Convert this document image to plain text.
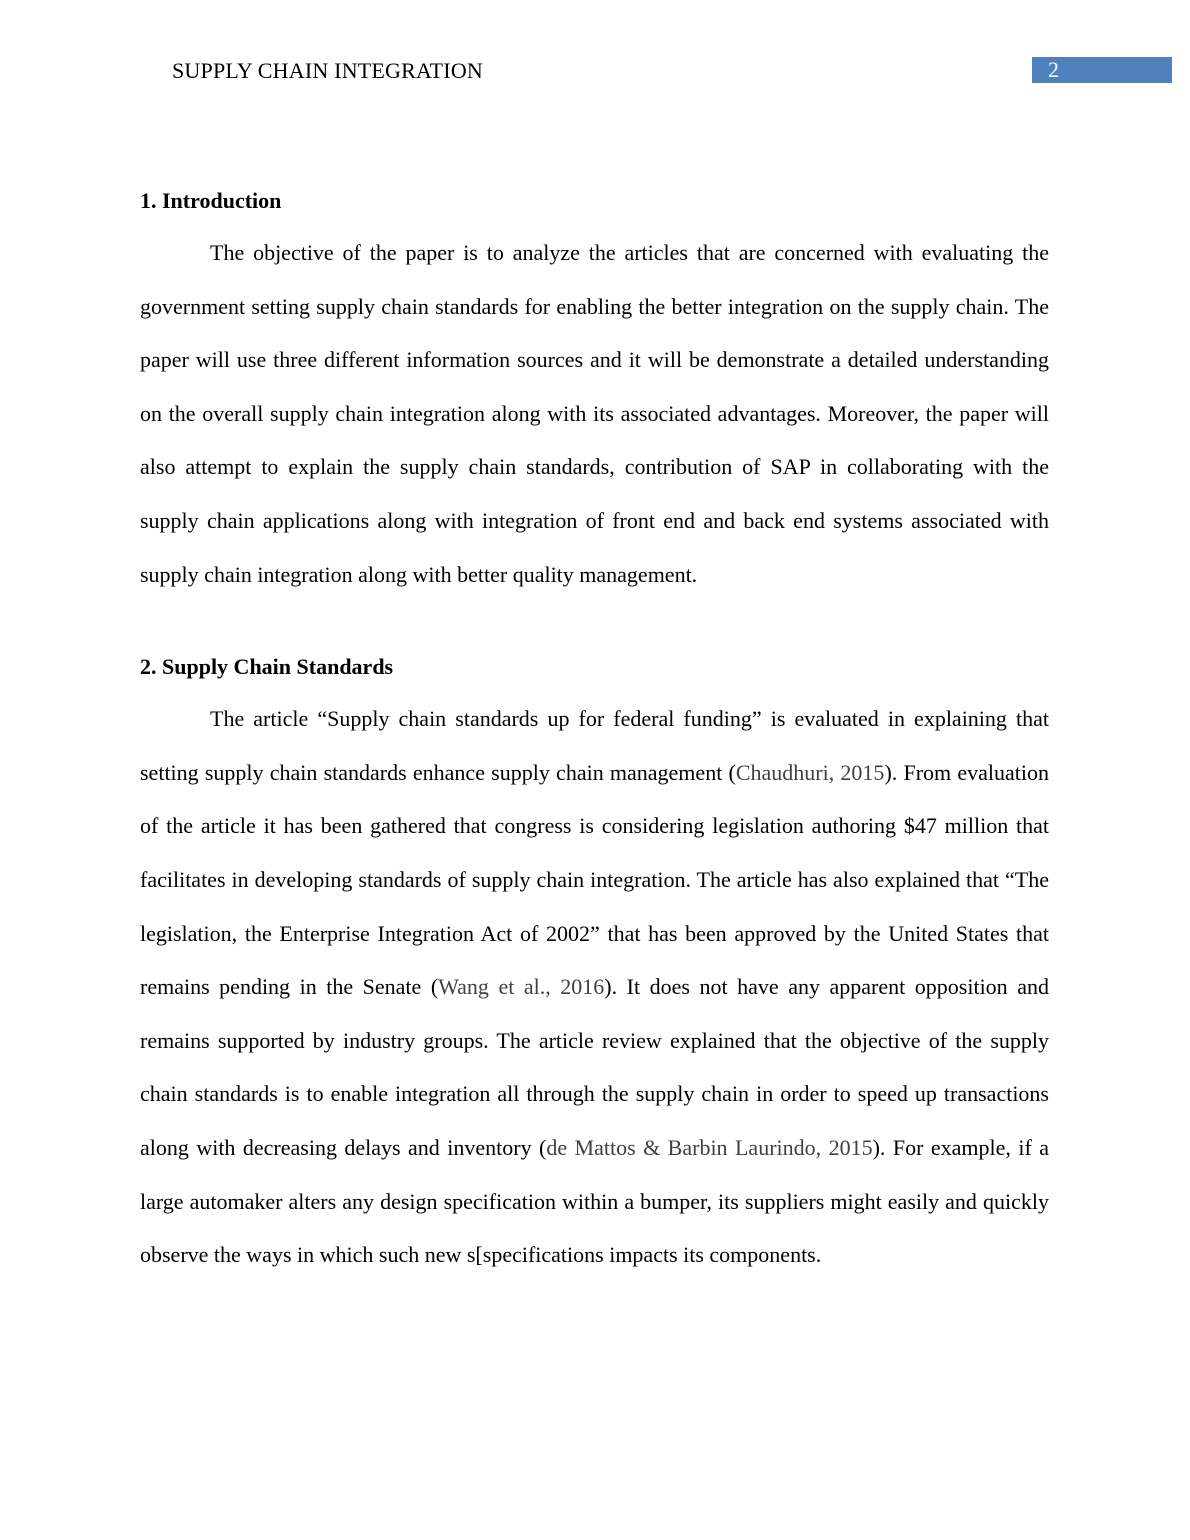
SUPPLY CHAIN INTEGRATION	2
1. Introduction

The objective of the paper is to analyze the articles that are concerned with evaluating the government setting supply chain standards for enabling the better integration on the supply chain. The paper will use three different information sources and it will be demonstrate a detailed understanding on the overall supply chain integration along with its associated advantages. Moreover, the paper will also attempt to explain the supply chain standards, contribution of SAP in collaborating with the supply chain applications along with integration of front end and back end systems associated with supply chain integration along with better quality management.

2. Supply Chain Standards

The article “Supply chain standards up for federal funding” is evaluated in explaining that setting supply chain standards enhance supply chain management (Chaudhuri, 2015). From evaluation of the article it has been gathered that congress is considering legislation authoring $47 million that facilitates in developing standards of supply chain integration. The article has also explained that “The legislation, the Enterprise Integration Act of 2002” that has been approved by the United States that remains pending in the Senate (Wang et al., 2016). It does not have any apparent opposition and remains supported by industry groups. The article review explained that the objective of the supply chain standards is to enable integration all through the supply chain in order to speed up transactions along with decreasing delays and inventory (de Mattos & Barbin Laurindo, 2015). For example, if a large automaker alters any design specification within a bumper, its suppliers might easily and quickly observe the ways in which such new s[specifications impacts its components.
